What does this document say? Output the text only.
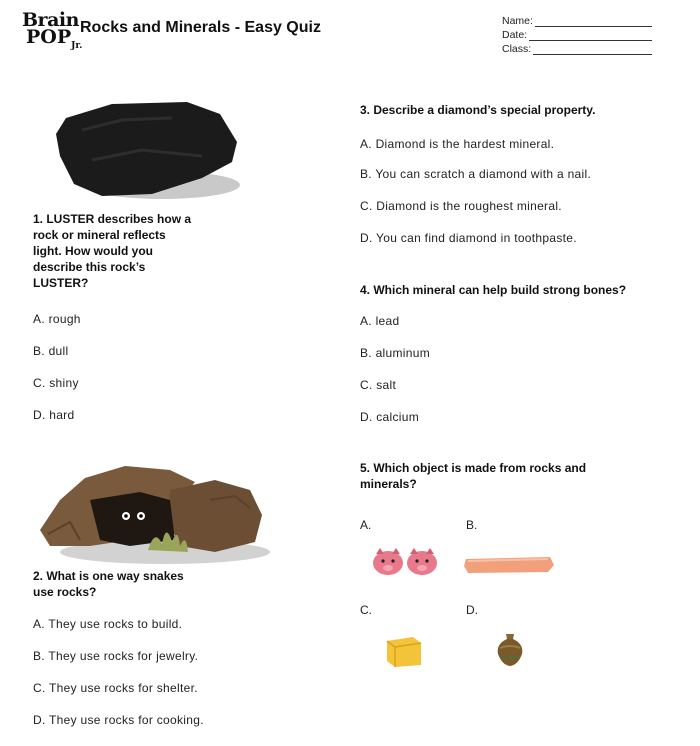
Brain
$POP_{Jr.}$
Rocks and Minerals - Easy Quiz	Name:
Date:
Class:
1. LUSTER describes how a
rock or mineral reflects
light. How would you
describe this rock’s
LUSTER?
A. rough
B. dull
C. shiny
D. hard
2. What is one way snakes
use rocks?
A. They use rocks to build.
B. They use rocks for jewelry.
C. They use rocks for shelter.
D. They use rocks for cooking.
3. Describe a diamond’s special property.
A. Diamond is the hardest mineral.
B. You can scratch a diamond with a nail.
C. Diamond is the roughest mineral.
D. You can find diamond in toothpaste.
4. Which mineral can help build strong bones?
A. lead
B. aluminum
C. salt
D. calcium
5. Which object is made from rocks and
minerals?
A.	B.
C.	D.
